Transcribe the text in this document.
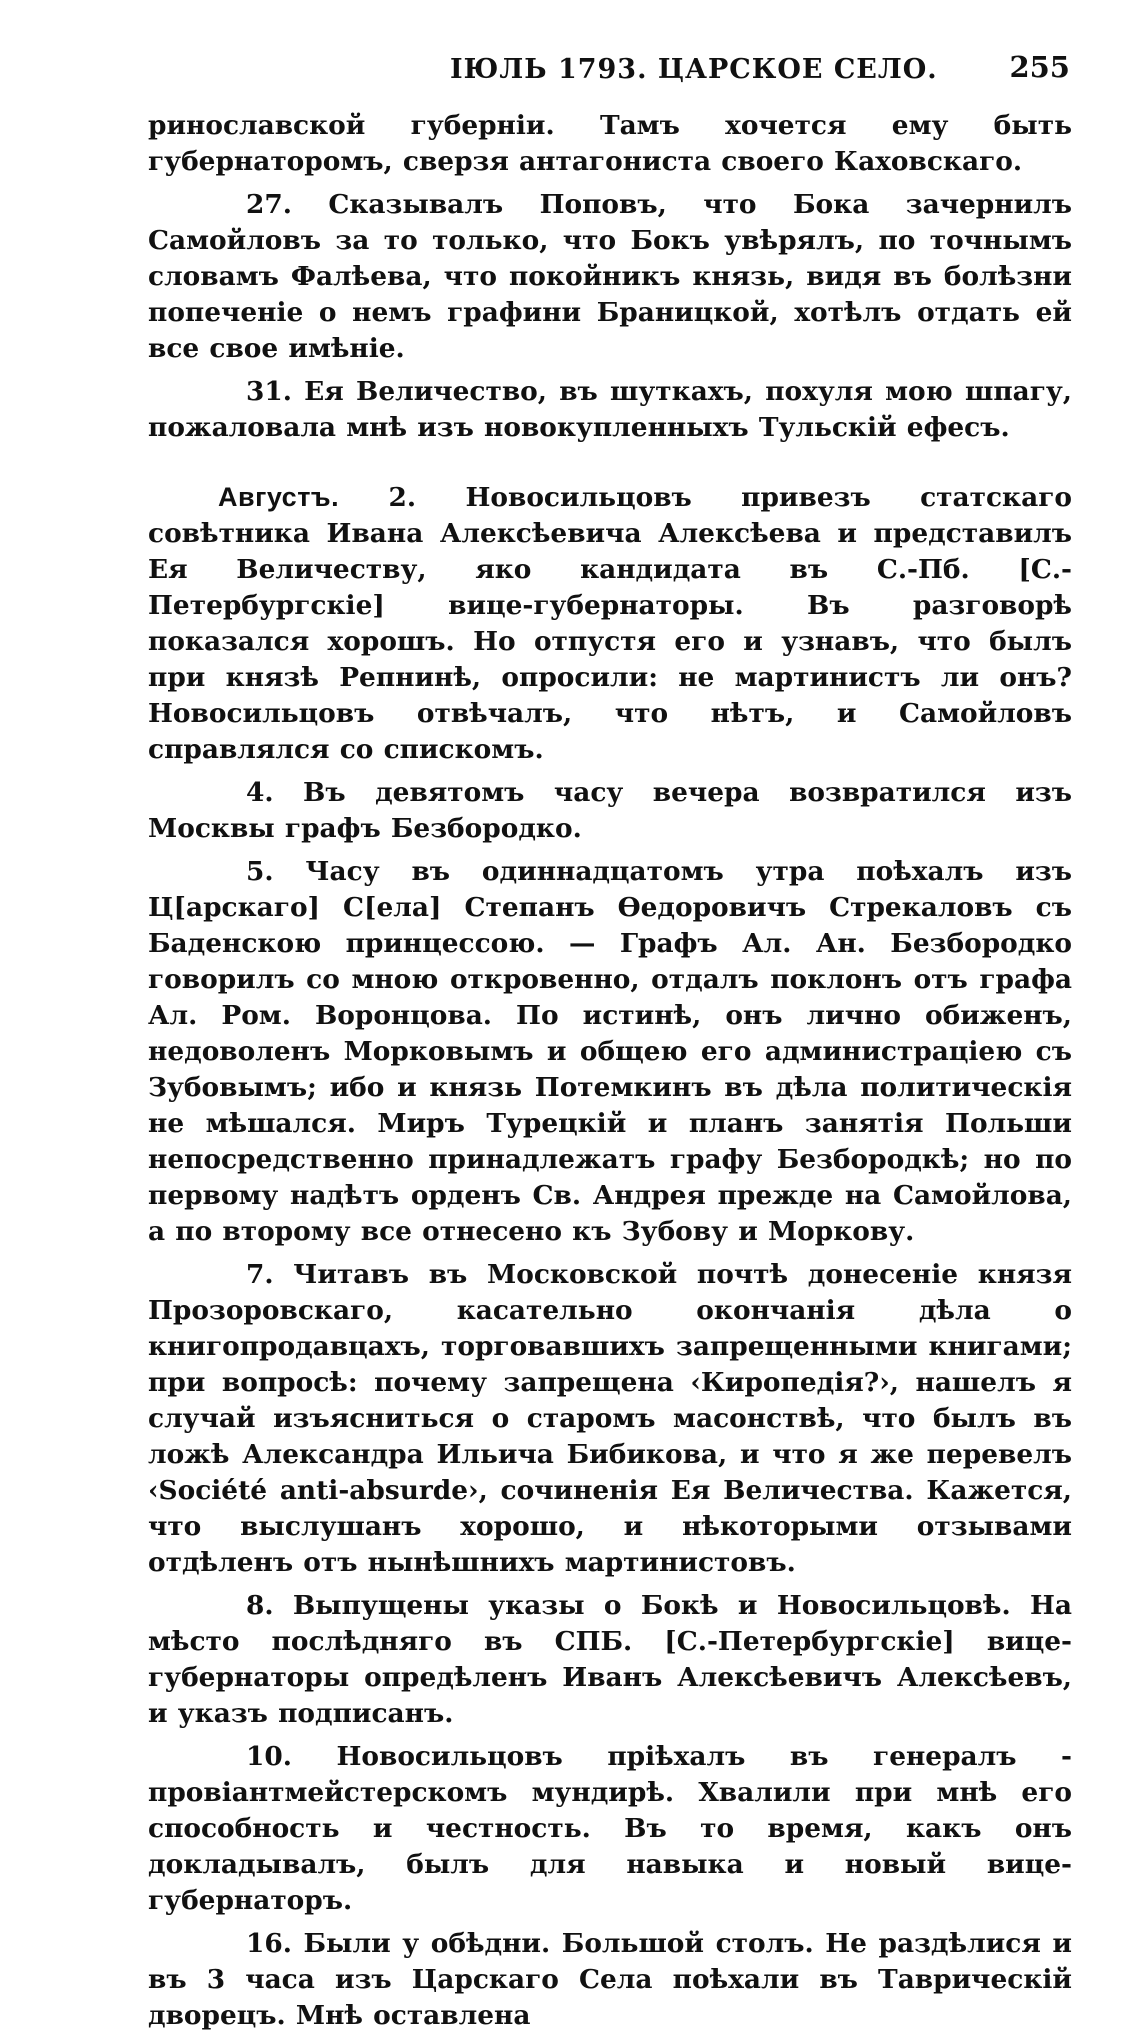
ІЮЛЬ 1793. ЦАРСКОЕ СЕЛО. 255

ринославской губерніи. Тамъ хочется ему быть губернаторомъ, сверзя антагониста своего Каховскаго.

27. Сказывалъ Поповъ, что Бока зачернилъ Самойловъ за то только, что Бокъ увѣрялъ, по точнымъ словамъ Фалѣева, что покойникъ князь, видя въ болѣзни попеченіе о немъ графини Браницкой, хотѣлъ отдать ей все свое имѣніе.

31. Ея Величество, въ шуткахъ, похуля мою шпагу, пожаловала мнѣ изъ новокупленныхъ Тульскій ефесъ.

Августъ. 2. Новосильцовъ привезъ статскаго совѣтника Ивана Алексѣевича Алексѣева и представилъ Ея Величеству, яко кандидата въ С.-Пб. [С.-Петербургскіе] вице-губернаторы. Въ разговорѣ показался хорошъ. Но отпустя его и узнавъ, что былъ при князѣ Репнинѣ, опросили: не мартинистъ ли онъ? Новосильцовъ отвѣчалъ, что нѣтъ, и Самойловъ справлялся со спискомъ.

4. Въ девятомъ часу вечера возвратился изъ Москвы графъ Безбородко.

5. Часу въ одиннадцатомъ утра поѣхалъ изъ Ц[арскаго] С[ела] Степанъ Ѳедоровичъ Стрекаловъ съ Баденскою принцессою. — Графъ Ал. Ан. Безбородко говорилъ со мною откровенно, отдалъ поклонъ отъ графа Ал. Ром. Воронцова. По истинѣ, онъ лично обиженъ, недоволенъ Морковымъ и общею его администраціею съ Зубовымъ; ибо и князь Потемкинъ въ дѣла политическія не мѣшался. Миръ Турецкій и планъ занятія Польши непосредственно принадлежатъ графу Безбородкѣ; но по первому надѣтъ орденъ Св. Андрея прежде на Самойлова, а по второму все отнесено къ Зубову и Моркову.

7. Читавъ въ Московской почтѣ донесеніе князя Прозоровскаго, касательно окончанія дѣла о книгопродавцахъ, торговавшихъ запрещенными книгами; при вопросѣ: почему запрещена ‹Киропедія?›, нашелъ я случай изъясниться о старомъ масонствѣ, что былъ въ ложѣ Александра Ильича Бибикова, и что я же перевелъ ‹Société anti-absurde›, сочиненія Ея Величества. Кажется, что выслушанъ хорошо, и нѣкоторыми отзывами отдѣленъ отъ нынѣшнихъ мартинистовъ.

8. Выпущены указы о Бокѣ и Новосильцовѣ. На мѣсто послѣдняго въ СПБ. [С.-Петербургскіе] вице-губернаторы опредѣленъ Иванъ Алексѣевичъ Алексѣевъ, и указъ подписанъ.

10. Новосильцовъ пріѣхалъ въ генералъ - провіантмейстерскомъ мундирѣ. Хвалили при мнѣ его способность и честность. Въ то время, какъ онъ докладывалъ, былъ для навыка и новый вице-губернаторъ.

16. Были у обѣдни. Большой столъ. Не раздѣлися и въ 3 часа изъ Царскаго Села поѣхали въ Таврическій дворецъ. Мнѣ оставлена
